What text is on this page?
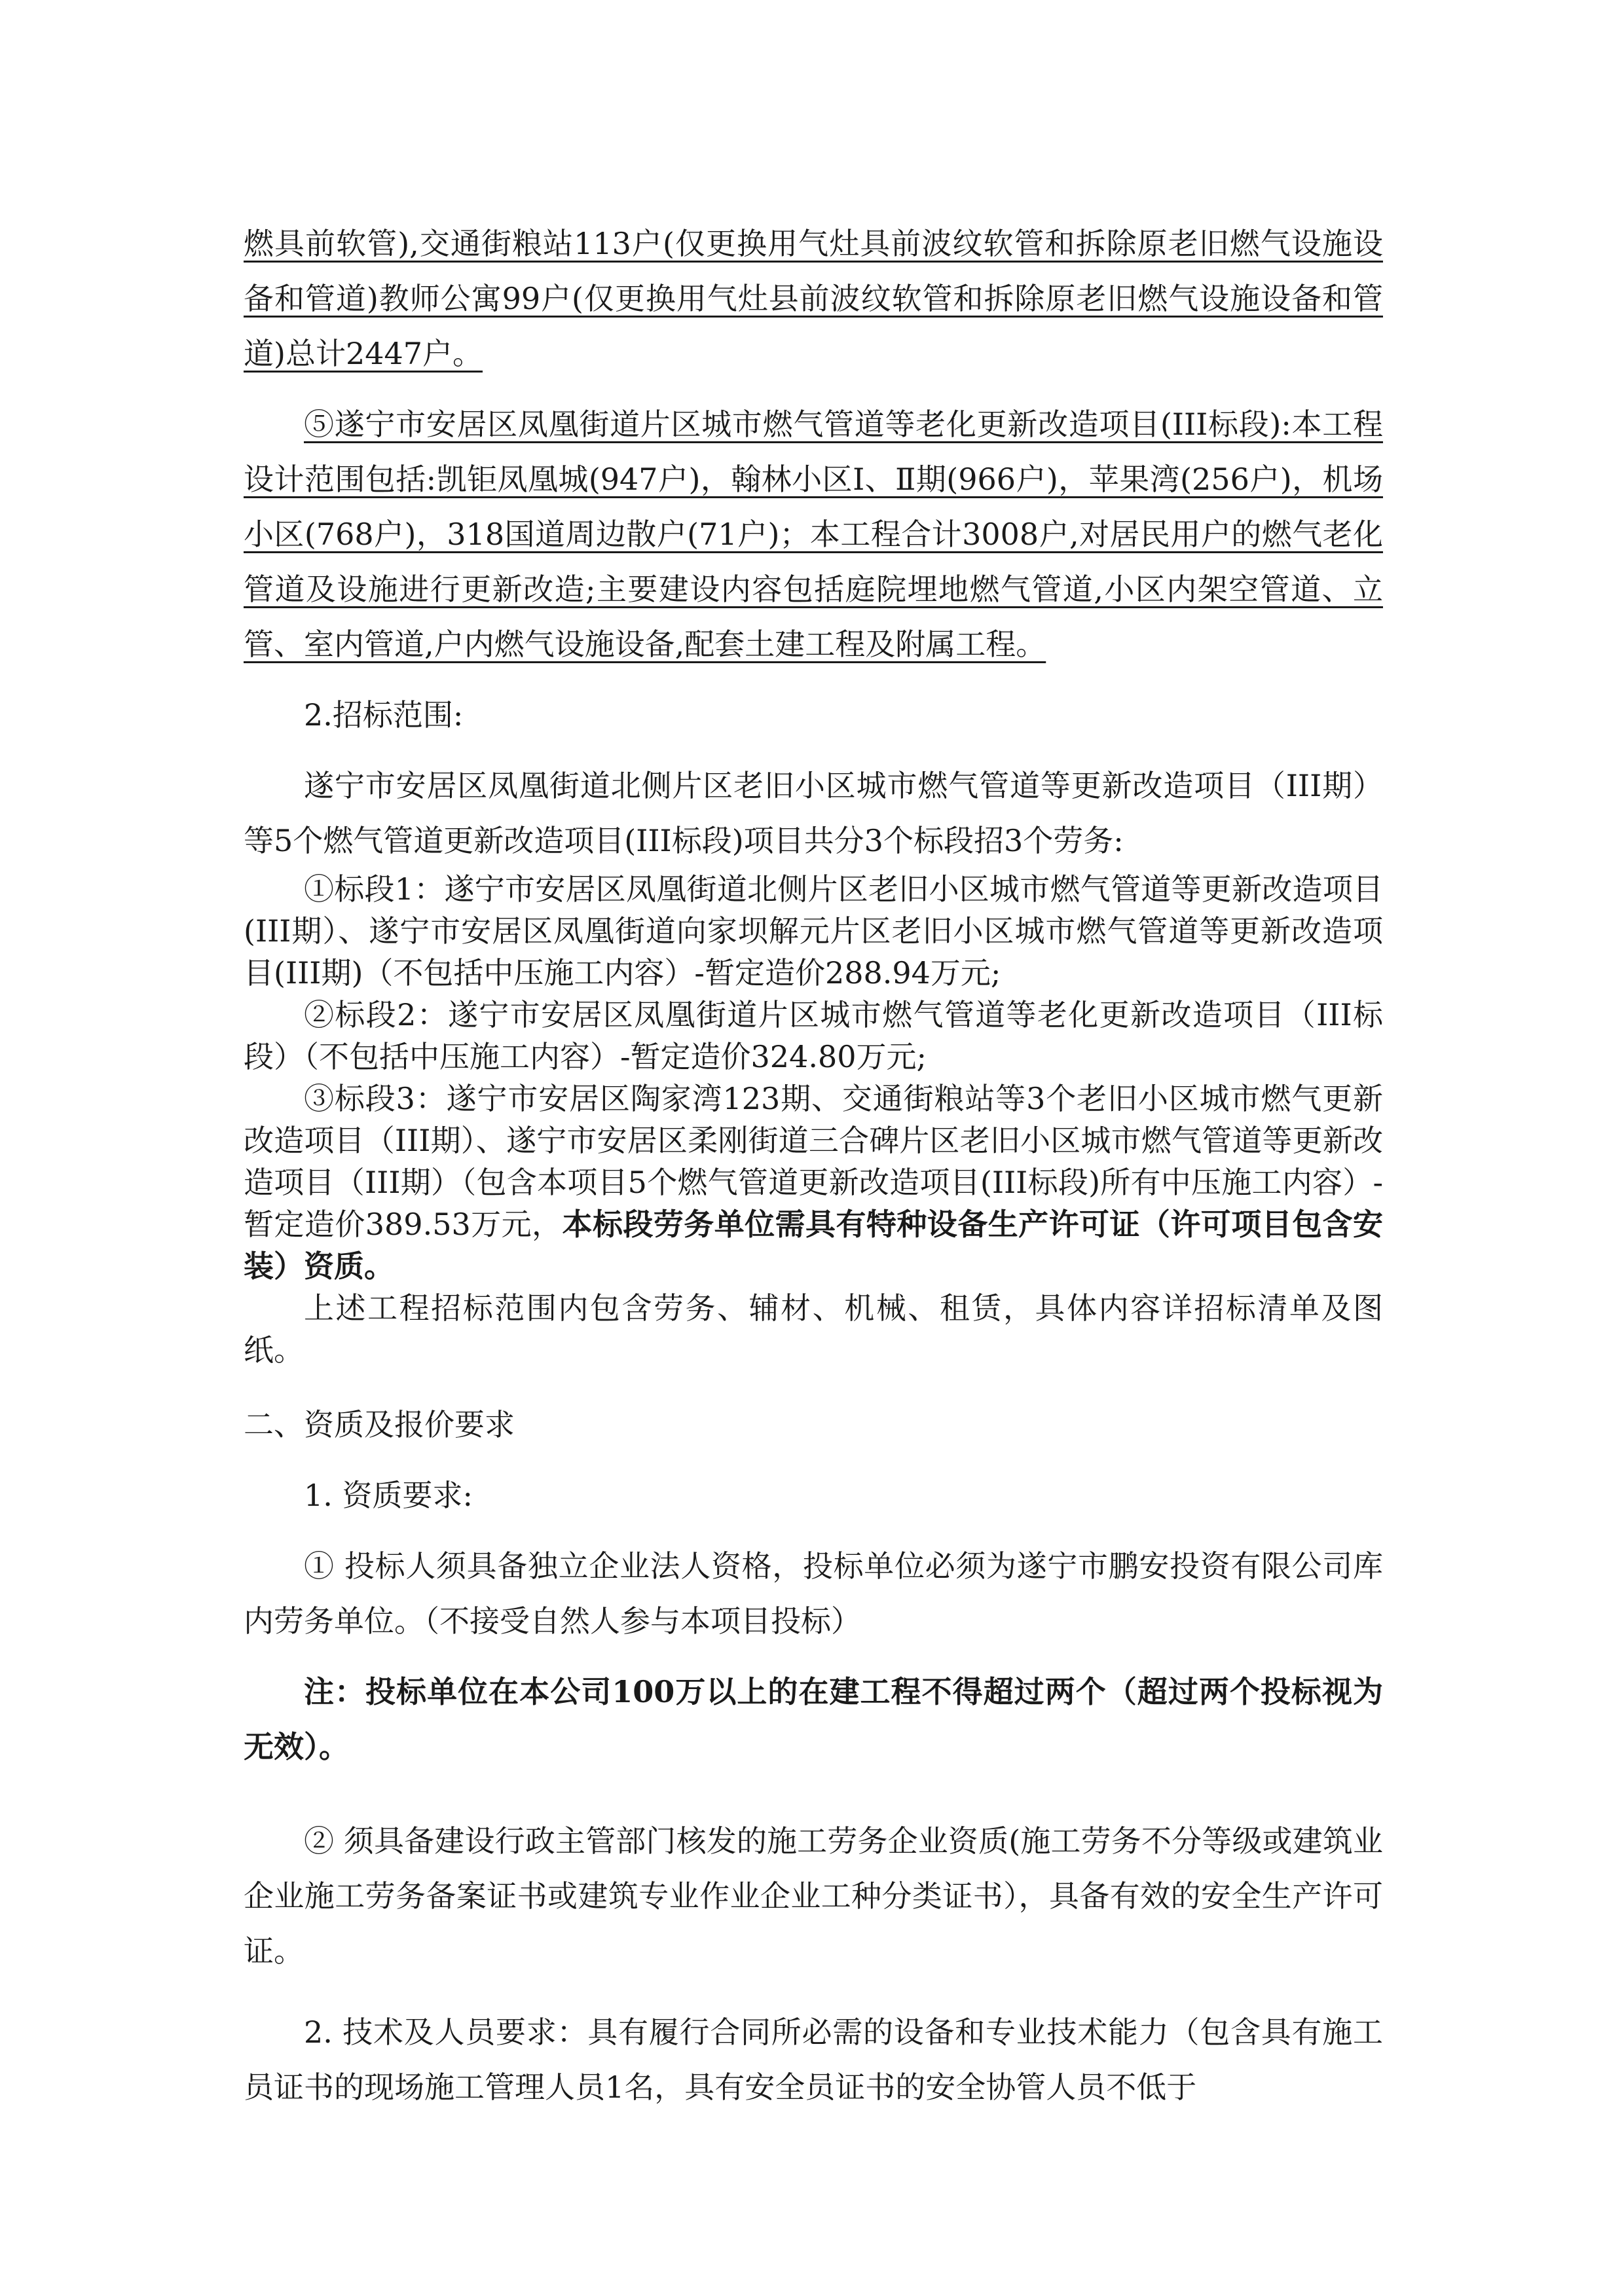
燃具前软管),交通街粮站113户(仅更换用气灶具前波纹软管和拆除原老旧燃气设施设备和管道)教师公寓99户(仅更换用气灶县前波纹软管和拆除原老旧燃气设施设备和管道)总计2447户。

⑤遂宁市安居区凤凰街道片区城市燃气管道等老化更新改造项目(III标段):本工程设计范围包括:凯钜凤凰城(947户)，翰林小区Ⅰ、Ⅱ期(966户)，苹果湾(256户)，机场小区(768户)，318国道周边散户(71户)；本工程合计3008户,对居民用户的燃气老化管道及设施进行更新改造;主要建设内容包括庭院埋地燃气管道,小区内架空管道、立管、室内管道,户内燃气设施设备,配套土建工程及附属工程。

2.招标范围:

遂宁市安居区凤凰街道北侧片区老旧小区城市燃气管道等更新改造项目（III期）等5个燃气管道更新改造项目(III标段)项目共分3个标段招3个劳务:

①标段1：遂宁市安居区凤凰街道北侧片区老旧小区城市燃气管道等更新改造项目(III期）、遂宁市安居区凤凰街道向家坝解元片区老旧小区城市燃气管道等更新改造项目(III期)（不包括中压施工内容）-暂定造价288.94万元;

②标段2：遂宁市安居区凤凰街道片区城市燃气管道等老化更新改造项目（III标段）（不包括中压施工内容）-暂定造价324.80万元;

③标段3：遂宁市安居区陶家湾123期、交通街粮站等3个老旧小区城市燃气更新改造项目（III期）、遂宁市安居区柔刚街道三合碑片区老旧小区城市燃气管道等更新改造项目（III期）（包含本项目5个燃气管道更新改造项目(III标段)所有中压施工内容）-暂定造价389.53万元，本标段劳务单位需具有特种设备生产许可证（许可项目包含安装）资质。

上述工程招标范围内包含劳务、辅材、机械、租赁，具体内容详招标清单及图纸。

二、资质及报价要求

1. 资质要求:

① 投标人须具备独立企业法人资格，投标单位必须为遂宁市鹏安投资有限公司库内劳务单位。（不接受自然人参与本项目投标）

注：投标单位在本公司100万以上的在建工程不得超过两个（超过两个投标视为无效）。

② 须具备建设行政主管部门核发的施工劳务企业资质(施工劳务不分等级或建筑业企业施工劳务备案证书或建筑专业作业企业工种分类证书），具备有效的安全生产许可证。

2. 技术及人员要求：具有履行合同所必需的设备和专业技术能力（包含具有施工员证书的现场施工管理人员1名，具有安全员证书的安全协管人员不低于
